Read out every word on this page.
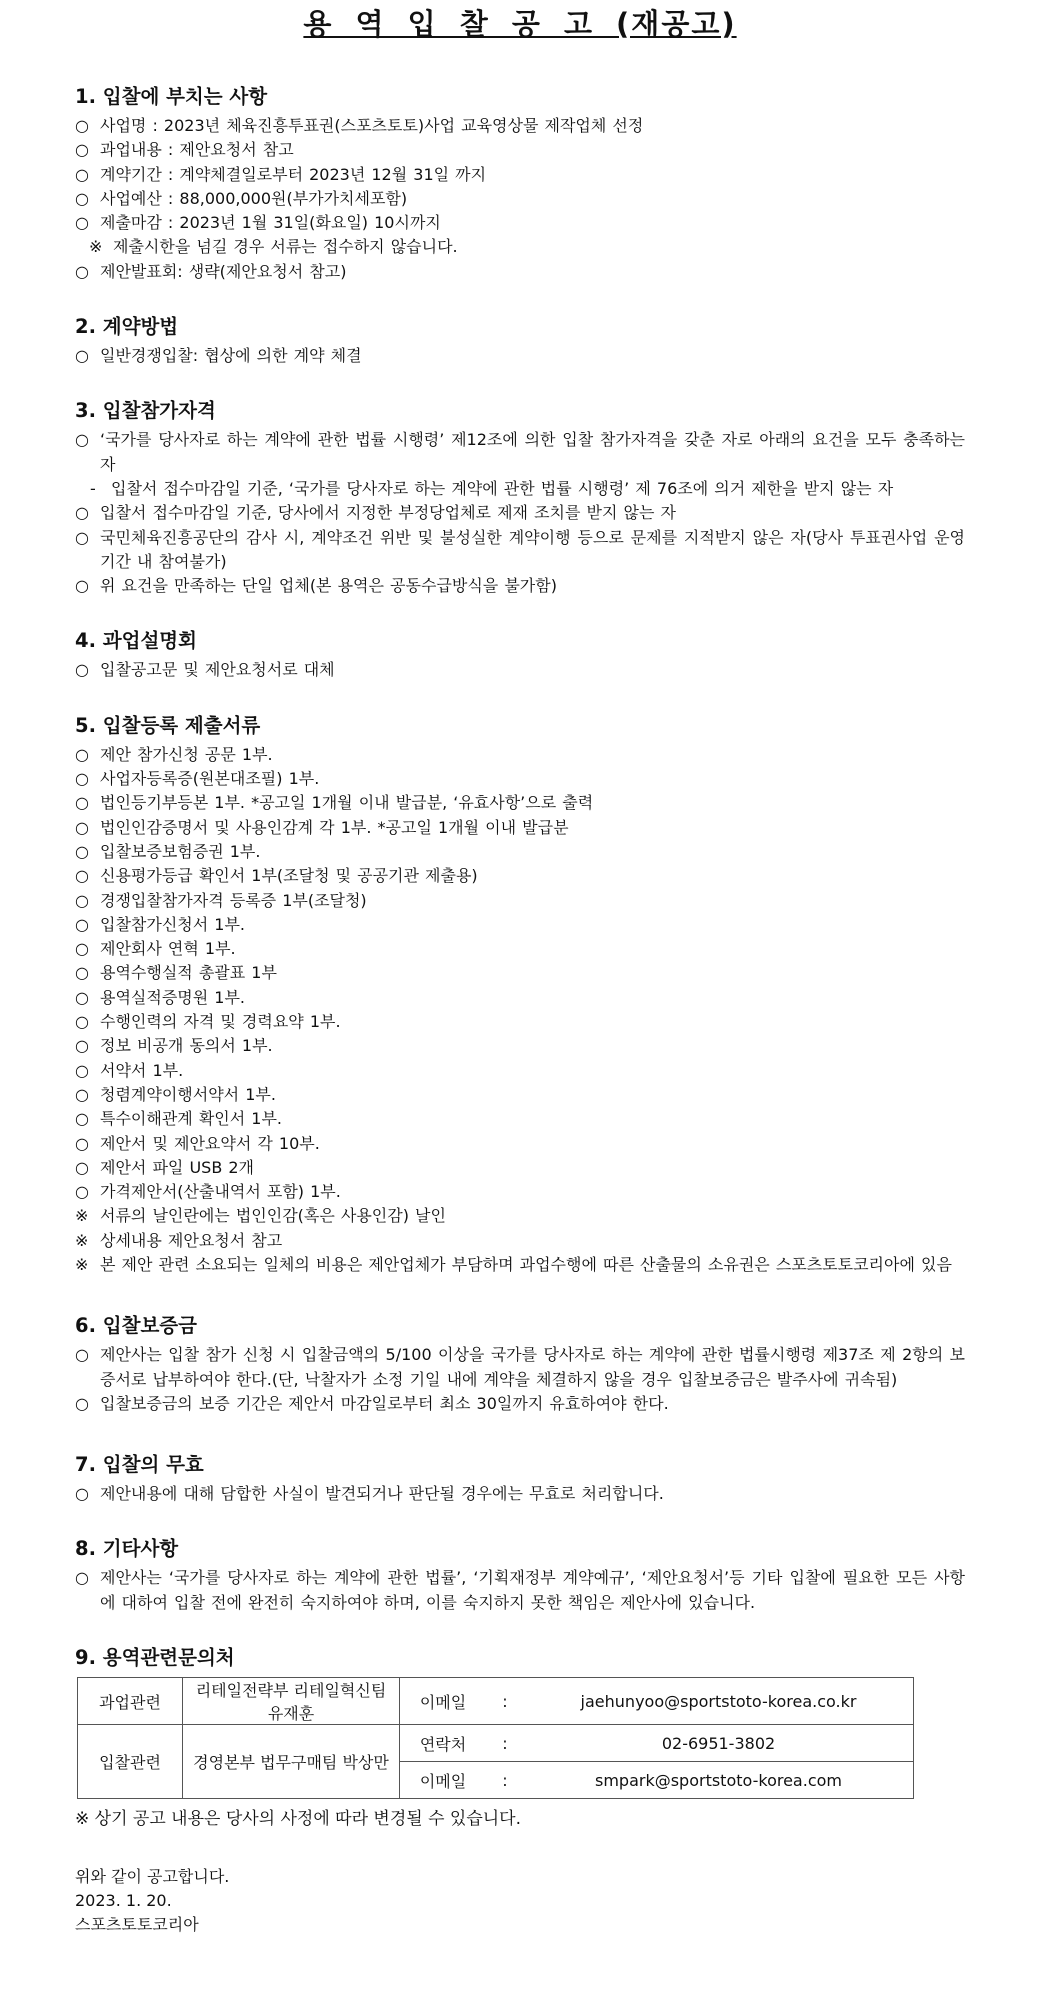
용 역 입 찰 공 고 (재공고)
1. 입찰에 부치는 사항
○ 사업명 : 2023년 체육진흥투표권(스포츠토토)사업 교육영상물 제작업체 선정
○ 과업내용 : 제안요청서 참고
○ 계약기간 : 계약체결일로부터 2023년 12월 31일 까지
○ 사업예산 : 88,000,000원(부가가치세포함)
○ 제출마감 : 2023년 1월 31일(화요일) 10시까지
※ 제출시한을 넘길 경우 서류는 접수하지 않습니다.
○ 제안발표회: 생략(제안요청서 참고)
2. 계약방법
○ 일반경쟁입찰: 협상에 의한 계약 체결
3. 입찰참가자격
○ ‘국가를 당사자로 하는 계약에 관한 법률 시행령’ 제12조에 의한 입찰 참가자격을 갖춘 자로 아래의 요건을 모두 충족하는 자
- 입찰서 접수마감일 기준, ‘국가를 당사자로 하는 계약에 관한 법률 시행령’ 제 76조에 의거 제한을 받지 않는 자
○ 입찰서 접수마감일 기준, 당사에서 지정한 부정당업체로 제재 조치를 받지 않는 자
○ 국민체육진흥공단의 감사 시, 계약조건 위반 및 불성실한 계약이행 등으로 문제를 지적받지 않은 자(당사 투표권사업 운영기간 내 참여불가)
○ 위 요건을 만족하는 단일 업체(본 용역은 공동수급방식을 불가함)
4. 과업설명회
○ 입찰공고문 및 제안요청서로 대체
5. 입찰등록 제출서류
○ 제안 참가신청 공문 1부.
○ 사업자등록증(원본대조필) 1부.
○ 법인등기부등본 1부. *공고일 1개월 이내 발급분, ‘유효사항’으로 출력
○ 법인인감증명서 및 사용인감계 각 1부. *공고일 1개월 이내 발급분
○ 입찰보증보험증권 1부.
○ 신용평가등급 확인서 1부(조달청 및 공공기관 제출용)
○ 경쟁입찰참가자격 등록증 1부(조달청)
○ 입찰참가신청서 1부.
○ 제안회사 연혁 1부.
○ 용역수행실적 총괄표 1부
○ 용역실적증명원 1부.
○ 수행인력의 자격 및 경력요약 1부.
○ 정보 비공개 동의서 1부.
○ 서약서 1부.
○ 청렴계약이행서약서 1부.
○ 특수이해관계 확인서 1부.
○ 제안서 및 제안요약서 각 10부.
○ 제안서 파일 USB 2개
○ 가격제안서(산출내역서 포함) 1부.
※ 서류의 날인란에는 법인인감(혹은 사용인감) 날인
※ 상세내용 제안요청서 참고
※ 본 제안 관련 소요되는 일체의 비용은 제안업체가 부담하며 과업수행에 따른 산출물의 소유권은 스포츠토토코리아에 있음
6. 입찰보증금
○ 제안사는 입찰 참가 신청 시 입찰금액의 5/100 이상을 국가를 당사자로 하는 계약에 관한 법률시행령 제37조 제 2항의 보증서로 납부하여야 한다.(단, 낙찰자가 소정 기일 내에 계약을 체결하지 않을 경우 입찰보증금은 발주사에 귀속됨)
○ 입찰보증금의 보증 기간은 제안서 마감일로부터 최소 30일까지 유효하여야 한다.
7. 입찰의 무효
○ 제안내용에 대해 담합한 사실이 발견되거나 판단될 경우에는 무효로 처리합니다.
8. 기타사항
○ 제안사는 ‘국가를 당사자로 하는 계약에 관한 법률’, ‘기획재정부 계약예규’, ‘제안요청서’등 기타 입찰에 필요한 모든 사항에 대하여 입찰 전에 완전히 숙지하여야 하며, 이를 숙지하지 못한 책임은 제안사에 있습니다.
9. 용역관련문의처
과업관련	리테일전략부 리테일혁신팀 유재훈	이메일	:	jaehunyoo@sportstoto-korea.co.kr
입찰관련	경영본부 법무구매팀 박상만	연락처	:	02-6951-3802
		이메일	:	smpark@sportstoto-korea.com
※ 상기 공고 내용은 당사의 사정에 따라 변경될 수 있습니다.
위와 같이 공고합니다.
2023. 1. 20.
스포츠토토코리아
